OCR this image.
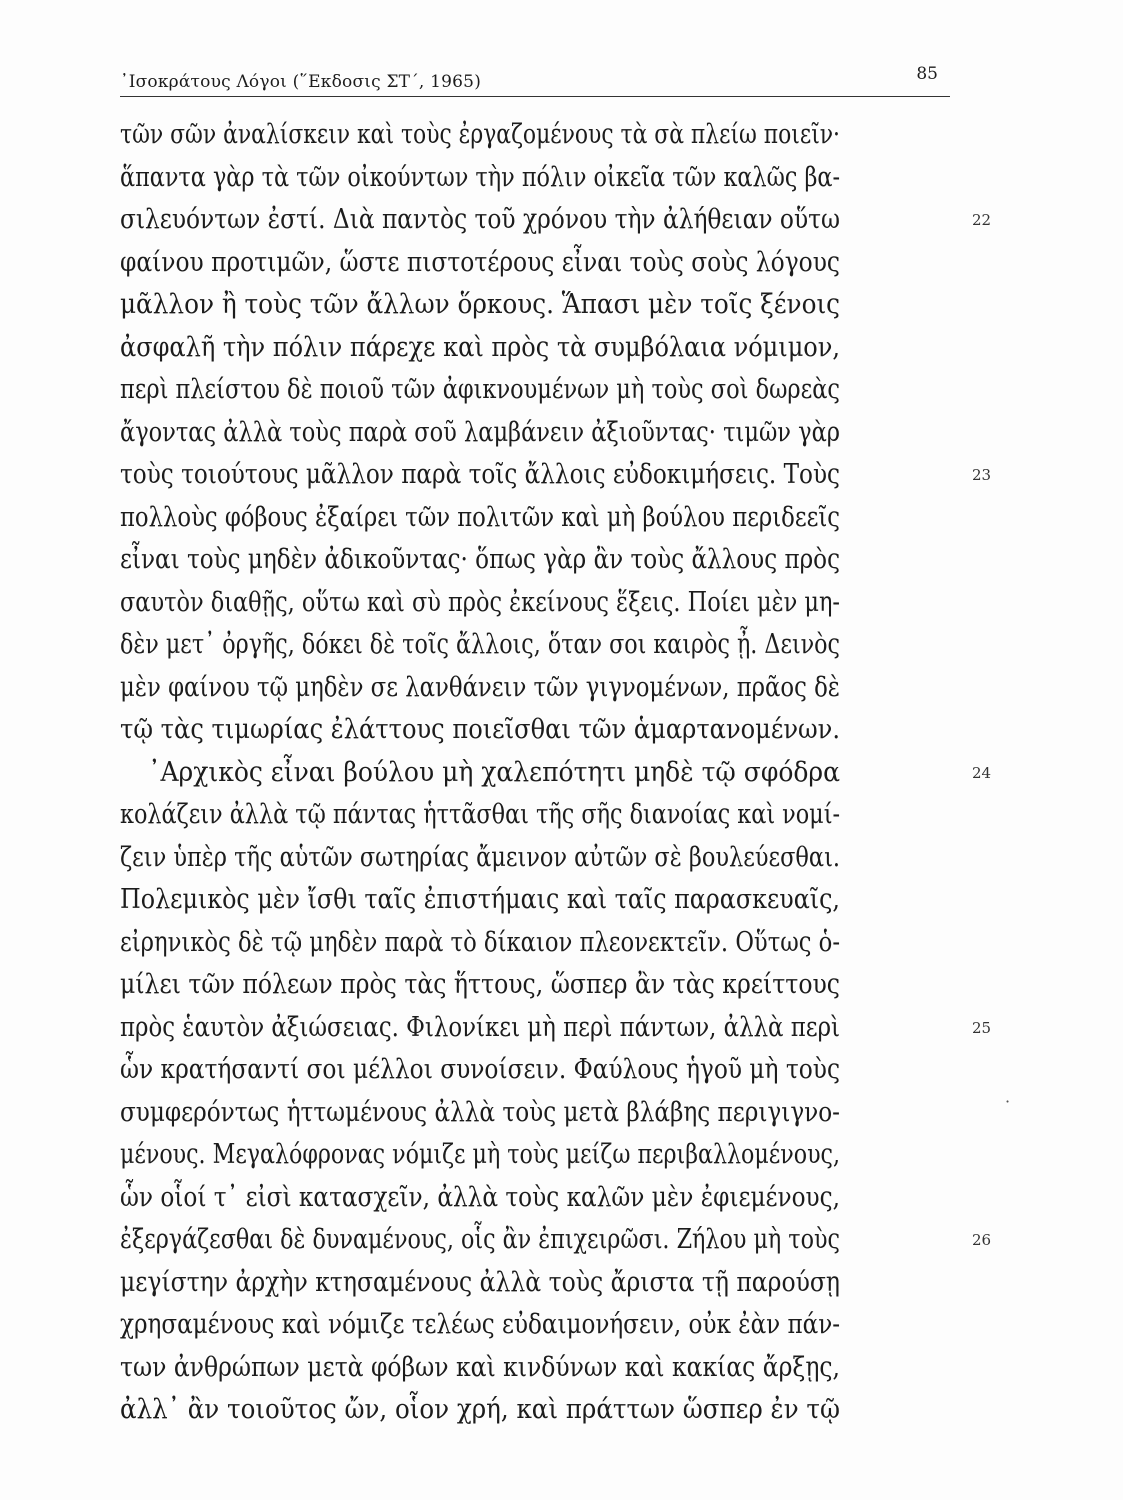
᾽Ισοκράτους Λόγοι (῞Εκδοσις ΣΤ΄, 1965)	85
τῶν σῶν ἀναλίσκειν καὶ τοὺς ἐργαζομένους τὰ σὰ πλείω ποιεῖν·
ἅπαντα γὰρ τὰ τῶν οἰκούντων τὴν πόλιν οἰκεῖα τῶν καλῶς βα-
σιλευόντων ἐστί. Διὰ παντὸς τοῦ χρόνου τὴν ἀλήθειαν οὕτω	22
φαίνου προτιμῶν, ὥστε πιστοτέρους εἶναι τοὺς σοὺς λόγους
μᾶλλον ἢ τοὺς τῶν ἄλλων ὅρκους. Ἅπασι μὲν τοῖς ξένοις
ἀσφαλῆ τὴν πόλιν πάρεχε καὶ πρὸς τὰ συμβόλαια νόμιμον,
περὶ πλείστου δὲ ποιοῦ τῶν ἀφικνουμένων μὴ τοὺς σοὶ δωρεὰς
ἄγοντας ἀλλὰ τοὺς παρὰ σοῦ λαμβάνειν ἀξιοῦντας· τιμῶν γὰρ
τοὺς τοιούτους μᾶλλον παρὰ τοῖς ἄλλοις εὐδοκιμήσεις. Τοὺς	23
πολλοὺς φόβους ἐξαίρει τῶν πολιτῶν καὶ μὴ βούλου περιδεεῖς
εἶναι τοὺς μηδὲν ἀδικοῦντας· ὅπως γὰρ ἂν τοὺς ἄλλους πρὸς
σαυτὸν διαθῇς, οὕτω καὶ σὺ πρὸς ἐκείνους ἕξεις. Ποίει μὲν μη-
δὲν μετ᾽ ὀργῆς, δόκει δὲ τοῖς ἄλλοις, ὅταν σοι καιρὸς ᾖ. Δεινὸς
μὲν φαίνου τῷ μηδὲν σε λανθάνειν τῶν γιγνομένων, πρᾶος δὲ
τῷ τὰς τιμωρίας ἐλάττους ποιεῖσθαι τῶν ἁμαρτανομένων.
᾽Αρχικὸς εἶναι βούλου μὴ χαλεπότητι μηδὲ τῷ σφόδρα	24
κολάζειν ἀλλὰ τῷ πάντας ἡττᾶσθαι τῆς σῆς διανοίας καὶ νομί-
ζειν ὑπὲρ τῆς αὑτῶν σωτηρίας ἄμεινον αὐτῶν σὲ βουλεύεσθαι.
Πολεμικὸς μὲν ἴσθι ταῖς ἐπιστήμαις καὶ ταῖς παρασκευαῖς,
εἰρηνικὸς δὲ τῷ μηδὲν παρὰ τὸ δίκαιον πλεονεκτεῖν. Οὕτως ὁ-
μίλει τῶν πόλεων πρὸς τὰς ἥττους, ὥσπερ ἂν τὰς κρείττους
πρὸς ἑαυτὸν ἀξιώσειας. Φιλονίκει μὴ περὶ πάντων, ἀλλὰ περὶ	25
ὧν κρατήσαντί σοι μέλλοι συνοίσειν. Φαύλους ἡγοῦ μὴ τοὺς
συμφερόντως ἡττωμένους ἀλλὰ τοὺς μετὰ βλάβης περιγιγνο-
μένους. Μεγαλόφρονας νόμιζε μὴ τοὺς μείζω περιβαλλομένους,
ὧν οἷοί τ᾽ εἰσὶ κατασχεῖν, ἀλλὰ τοὺς καλῶν μὲν ἐφιεμένους,
ἐξεργάζεσθαι δὲ δυναμένους, οἷς ἂν ἐπιχειρῶσι. Ζήλου μὴ τοὺς	26
μεγίστην ἀρχὴν κτησαμένους ἀλλὰ τοὺς ἄριστα τῇ παρούσῃ
χρησαμένους καὶ νόμιζε τελέως εὐδαιμονήσειν, οὐκ ἐὰν πάν-
των ἀνθρώπων μετὰ φόβων καὶ κινδύνων καὶ κακίας ἄρξῃς,
ἀλλ᾽ ἂν τοιοῦτος ὤν, οἷον χρή, καὶ πράττων ὥσπερ ἐν τῷ
·
